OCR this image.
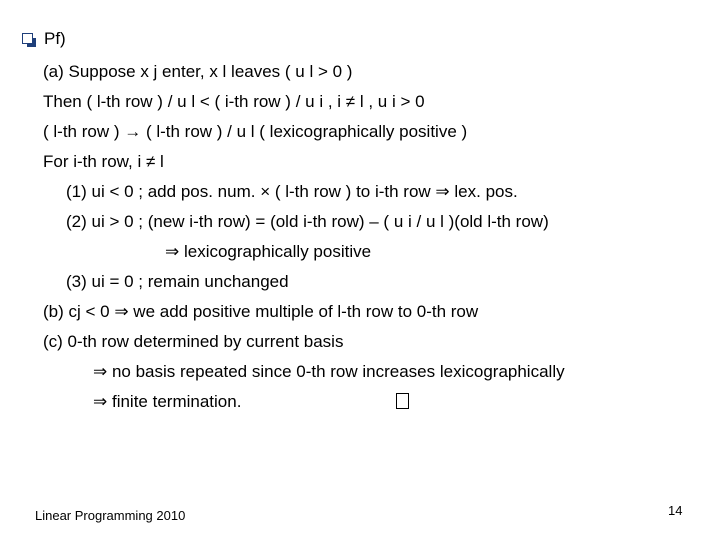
Pf)
(a) Suppose x j enter, x l leaves ( u l > 0 )
Then ( l-th row ) / u l < ( i-th row ) / u i , i ≠ l , u i > 0
( l-th row ) → ( l-th row ) / u l ( lexicographically positive )
For i-th row, i ≠ l
(1) ui < 0 ; add pos. num. × ( l-th row ) to i-th row ⇒ lex. pos.
(2) ui > 0 ; (new i-th row) = (old i-th row) – ( u i / u l )(old l-th row)
⇒ lexicographically positive
(3) ui = 0 ; remain unchanged
(b) cj < 0 ⇒ we add positive multiple of l-th row to 0-th row
(c) 0-th row determined by current basis
⇒ no basis repeated since 0-th row increases lexicographically
⇒ finite termination.
Linear Programming 2010	14
